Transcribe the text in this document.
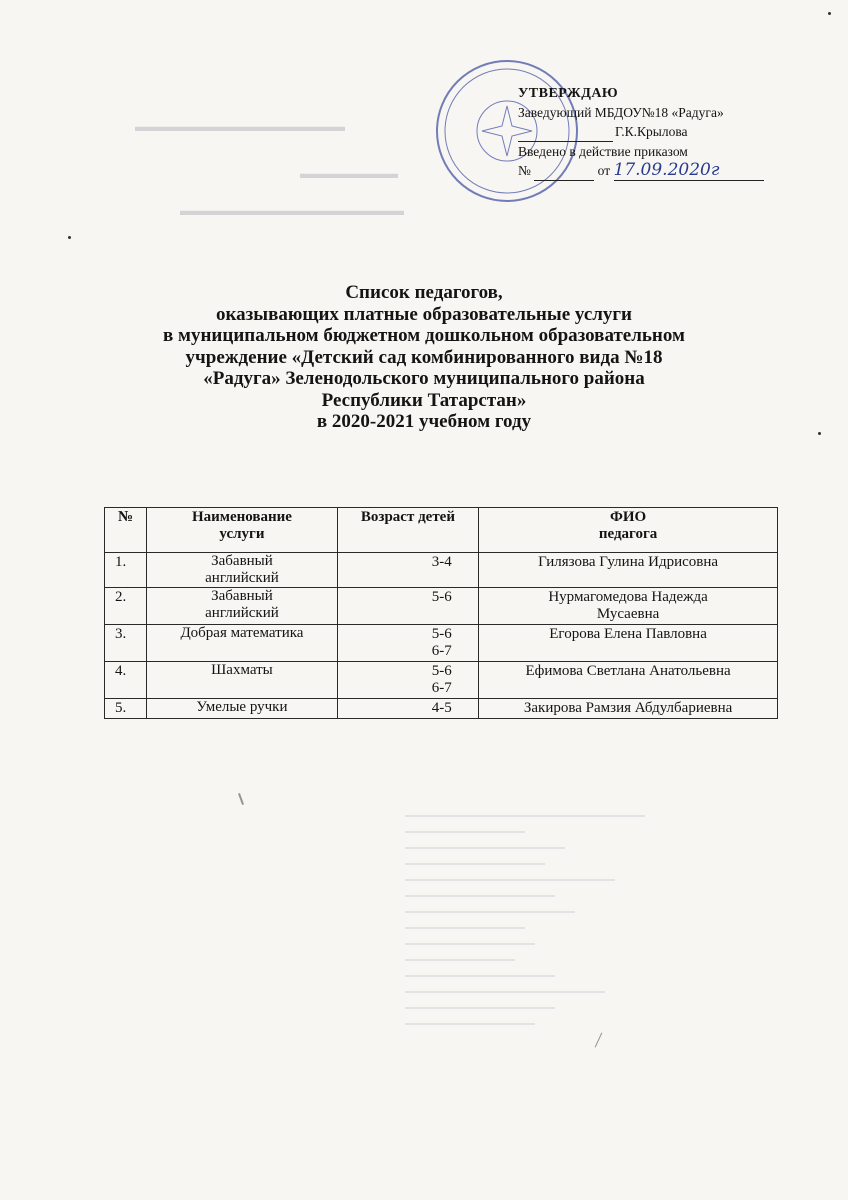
▬▬▬▬▬▬▬▬▬▬▬▬▬▬▬
▬▬▬▬▬▬▬
▬▬▬▬▬▬▬▬▬▬▬▬▬▬▬▬
УТВЕРЖДАЮ
Заведующий МБДОУ№18 «Радуга»
Г.К.Крылова
Введено в действие приказом
№	от 17.09.2020г
Список педагогов,
оказывающих платные образовательные услуги
в муниципальном бюджетном дошкольном образовательном
учреждение «Детский сад комбинированного вида №18
«Радуга» Зеленодольского муниципального района
Республики Татарстан»
в 2020-2021 учебном году
№	Наименование
услуги	Возраст детей	ФИО
педагога

1.	Забавный
английский	3-4	Гилязова Гулина Идрисовна

2.	Забавный
английский	5-6	Нурмагомедова Надежда
Мусаевна

3.	Добрая математика	5-6
6-7	Егорова Елена Павловна

4.	Шахматы	5-6
6-7	Ефимова Светлана Анатольевна

5.	Умелые ручки	4-5	Закирова Рамзия Абдулбариевна
